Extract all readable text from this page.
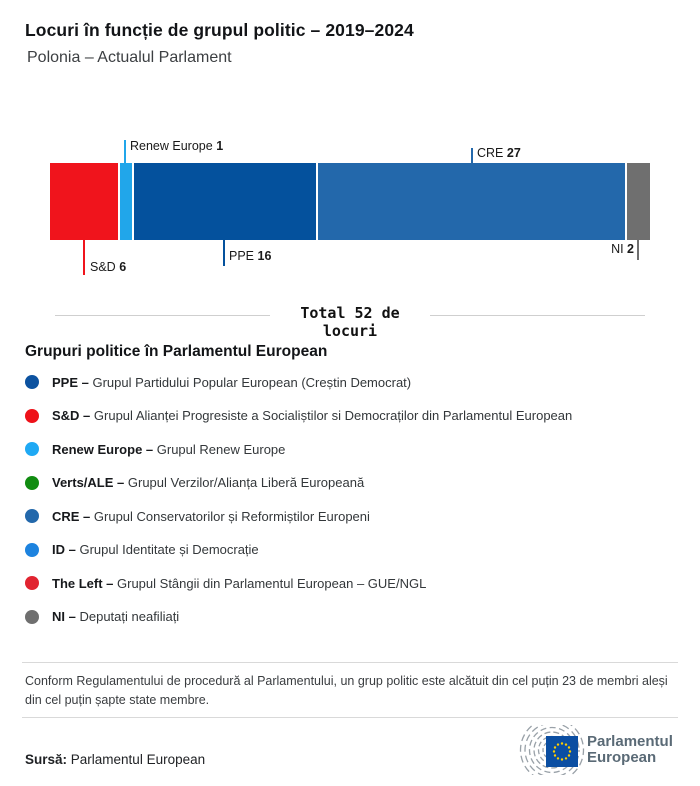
Locuri în funcție de grupul politic – 2019–2024
Polonia – Actualul Parlament
Renew Europe 1	CRE 27
S&D 6
PPE 16	NI 2
Total 52 de locuri
Grupuri politice în Parlamentul European
PPE – Grupul Partidului Popular European (Creștin Democrat)
S&D – Grupul Alianței Progresiste a Socialiștilor si Democraților din Parlamentul European
Renew Europe – Grupul Renew Europe
Verts/ALE – Grupul Verzilor/Alianța Liberă Europeană
CRE – Grupul Conservatorilor și Reformiștilor Europeni
ID – Grupul Identitate și Democrație
The Left – Grupul Stângii din Parlamentul European – GUE/NGL
NI – Deputați neafiliați
Conform Regulamentului de procedură al Parlamentului, un grup politic este alcătuit din cel puțin 23 de membri aleși din cel puțin șapte state membre.
Sursă: Parlamentul European
Parlamentul
European
